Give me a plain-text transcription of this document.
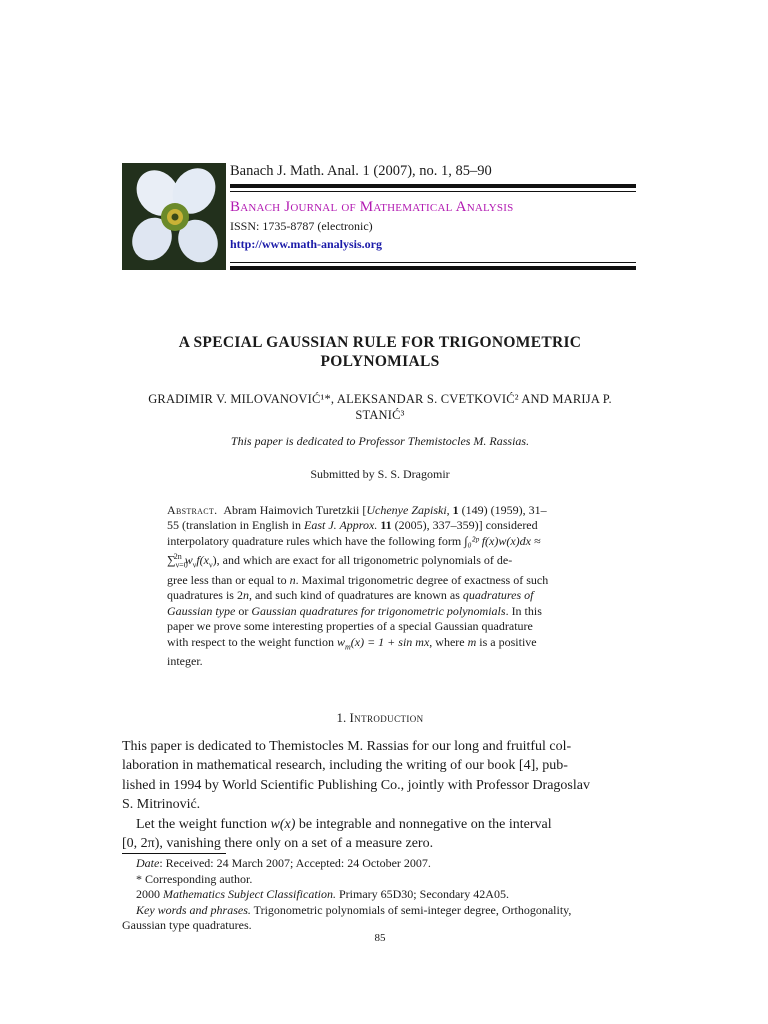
Banach J. Math. Anal. 1 (2007), no. 1, 85–90
BANACH JOURNAL OF MATHEMATICAL ANALYSIS
ISSN: 1735-8787 (electronic)
http://www.math-analysis.org
A SPECIAL GAUSSIAN RULE FOR TRIGONOMETRIC
POLYNOMIALS
GRADIMIR V. MILOVANOVIĆ¹*, ALEKSANDAR S. CVETKOVIĆ² AND MARIJA P.
STANIĆ³
This paper is dedicated to Professor Themistocles M. Rassias.
Submitted by S. S. Dragomir
Abstract. Abram Haimovich Turetzkii [Uchenye Zapiski, 1 (149) (1959), 31–
55 (translation in English in East J. Approx. 11 (2005), 337–359)] considered
interpolatory quadrature rules which have the following form ∫₀²ᵖ f(x)w(x)dx ≈
$\sum_{\nu=0}^{2n}$ $w_\nu f(x_\nu)$, and which are exact for all trigonometric polynomials of de-
gree less than or equal to n. Maximal trigonometric degree of exactness of such
quadratures is 2n, and such kind of quadratures are known as quadratures of
Gaussian type or Gaussian quadratures for trigonometric polynomials. In this
paper we prove some interesting properties of a special Gaussian quadrature
with respect to the weight function $w_m(x) = 1 + \sin$ mx, where m is a positive
integer.
1. Introduction
This paper is dedicated to Themistocles M. Rassias for our long and fruitful col-
laboration in mathematical research, including the writing of our book [4], pub-
lished in 1994 by World Scientific Publishing Co., jointly with Professor Dragoslav
S. Mitrinović.
Let the weight function w(x) be integrable and nonnegative on the interval
[0, 2π), vanishing there only on a set of a measure zero.
Date: Received: 24 March 2007; Accepted: 24 October 2007.
* Corresponding author.
2000 Mathematics Subject Classification. Primary 65D30; Secondary 42A05.
Key words and phrases. Trigonometric polynomials of semi-integer degree, Orthogonality,
Gaussian type quadratures.
85
